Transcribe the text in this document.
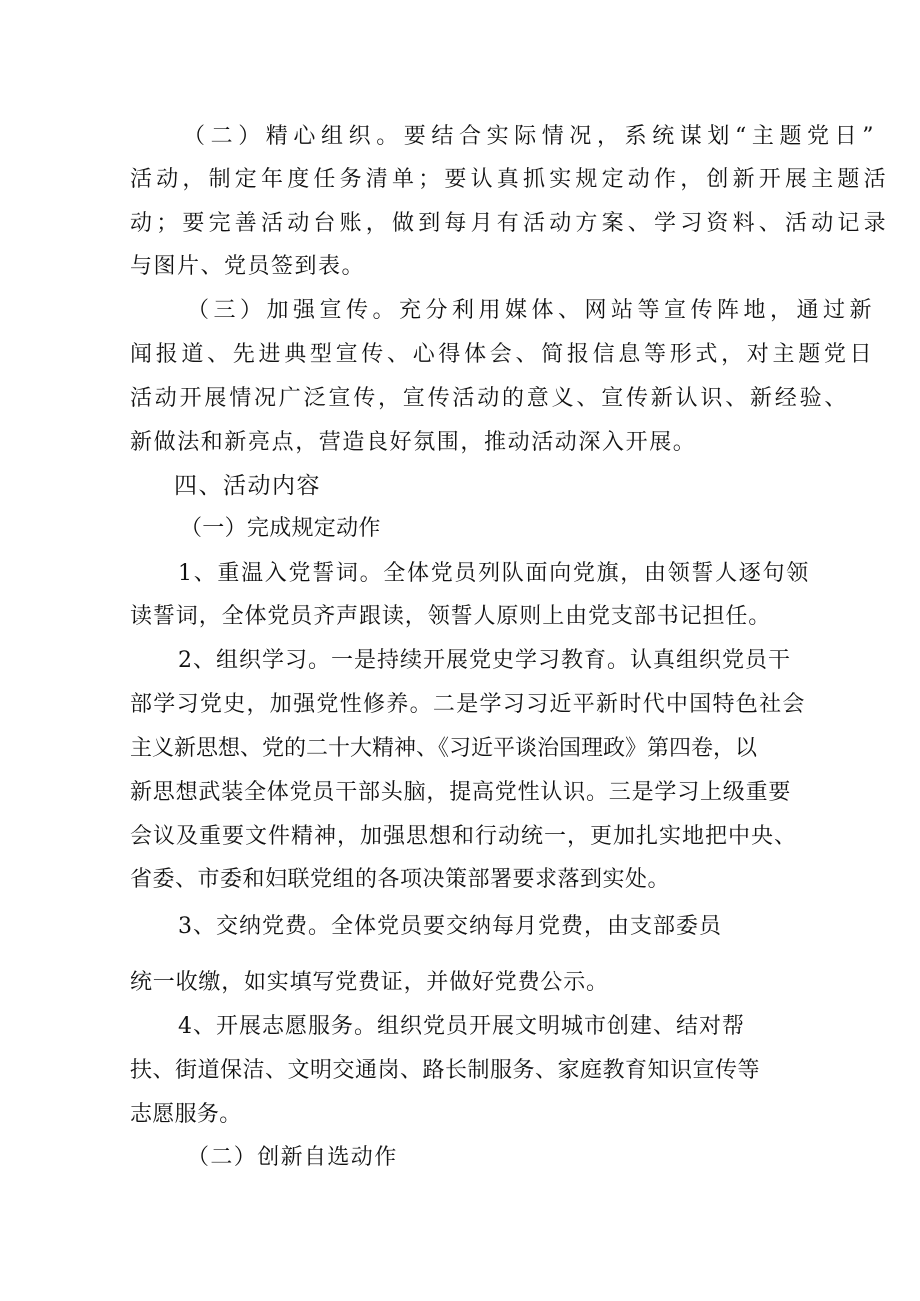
（二）精心组织。要结合实际情况，系统谋划“主题党日”
活动，制定年度任务清单；要认真抓实规定动作，创新开展主题活
动；要完善活动台账，做到每月有活动方案、学习资料、活动记录
与图片、党员签到表。
（三）加强宣传。充分利用媒体、网站等宣传阵地，通过新
闻报道、先进典型宣传、心得体会、简报信息等形式，对主题党日
活动开展情况广泛宣传，宣传活动的意义、宣传新认识、新经验、
新做法和新亮点，营造良好氛围，推动活动深入开展。
四、活动内容
（一）完成规定动作
1、重温入党誓词。全体党员列队面向党旗，由领誓人逐句领
读誓词，全体党员齐声跟读，领誓人原则上由党支部书记担任。
2、组织学习。一是持续开展党史学习教育。认真组织党员干
部学习党史，加强党性修养。二是学习习近平新时代中国特色社会
主义新思想、党的二十大精神、《习近平谈治国理政》第四卷，以
新思想武装全体党员干部头脑，提高党性认识。三是学习上级重要
会议及重要文件精神，加强思想和行动统一，更加扎实地把中央、
省委、市委和妇联党组的各项决策部署要求落到实处。
3、交纳党费。全体党员要交纳每月党费，由支部委员
统一收缴，如实填写党费证，并做好党费公示。
4、开展志愿服务。组织党员开展文明城市创建、结对帮
扶、街道保洁、文明交通岗、路长制服务、家庭教育知识宣传等
志愿服务。
（二）创新自选动作
